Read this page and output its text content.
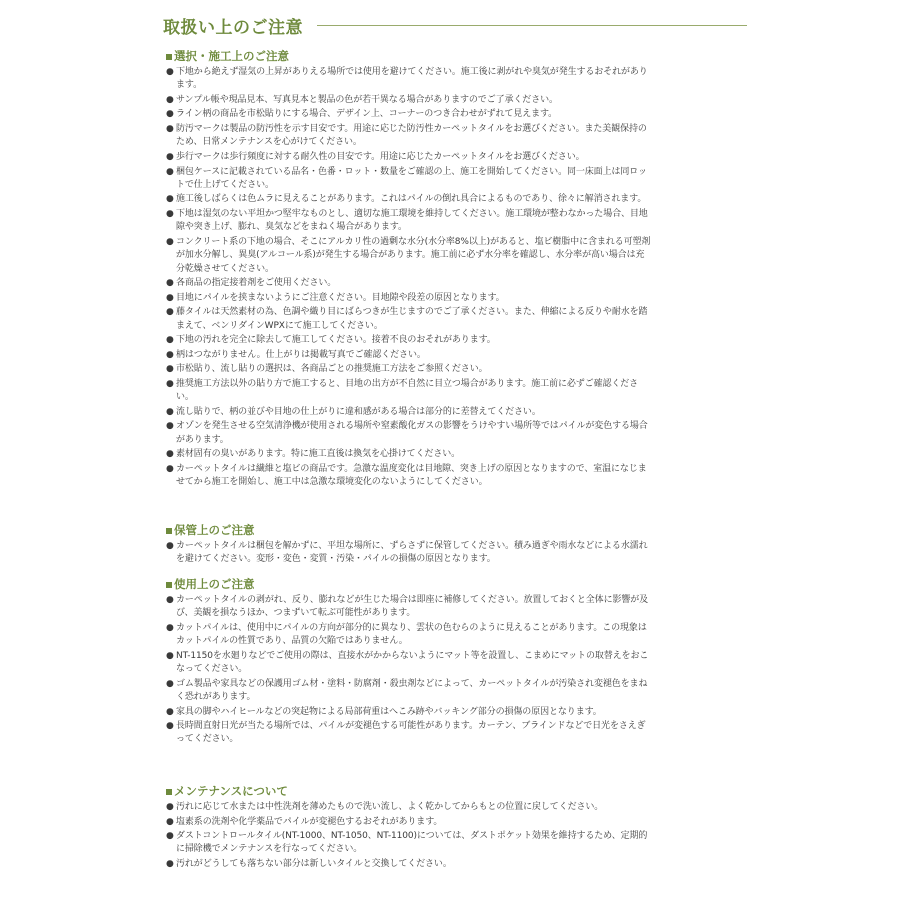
取扱い上のご注意
選択・施工上のご注意
● 下地から絶えず湿気の上昇がありえる場所では使用を避けてください。施工後に剥がれや臭気が発生するおそれがあります。
● サンプル帳や現品見本、写真見本と製品の色が若干異なる場合がありますのでご了承ください。
● ライン柄の商品を市松貼りにする場合、デザイン上、コーナーのつき合わせがずれて見えます。
● 防汚マークは製品の防汚性を示す目安です。用途に応じた防汚性カーペットタイルをお選びください。また美観保持のため、日常メンテナンスを心がけてください。
● 歩行マークは歩行頻度に対する耐久性の目安です。用途に応じたカーペットタイルをお選びください。
● 梱包ケースに記載されている品名・色番・ロット・数量をご確認の上、施工を開始してください。同一床面上は同ロットで仕上げてください。
● 施工後しばらくは色ムラに見えることがあります。これはパイルの倒れ具合によるものであり、徐々に解消されます。
● 下地は湿気のない平坦かつ堅牢なものとし、適切な施工環境を維持してください。施工環境が整わなかった場合、目地隙や突き上げ、膨れ、臭気などをまねく場合があります。
● コンクリート系の下地の場合、そこにアルカリ性の過剰な水分(水分率8%以上)があると、塩ビ樹脂中に含まれる可塑剤が加水分解し、異臭(アルコール系)が発生する場合があります。施工前に必ず水分率を確認し、水分率が高い場合は充分乾燥させてください。
● 各商品の指定接着剤をご使用ください。
● 目地にパイルを挟まないようにご注意ください。目地隙や段差の原因となります。
● 藤タイルは天然素材の為、色調や織り目にばらつきが生じますのでご了承ください。また、伸縮による反りや耐水を踏まえて、ベンリダインWPXにて施工してください。
● 下地の汚れを完全に除去して施工してください。接着不良のおそれがあります。
● 柄はつながりません。仕上がりは掲載写真でご確認ください。
● 市松貼り、流し貼りの選択は、各商品ごとの推奨施工方法をご参照ください。
● 推奨施工方法以外の貼り方で施工すると、目地の出方が不自然に目立つ場合があります。施工前に必ずご確認ください。
● 流し貼りで、柄の並びや目地の仕上がりに違和感がある場合は部分的に差替えてください。
● オゾンを発生させる空気清浄機が使用される場所や窒素酸化ガスの影響をうけやすい場所等ではパイルが変色する場合があります。
● 素材固有の臭いがあります。特に施工直後は換気を心掛けてください。
● カーペットタイルは繊維と塩ビの商品です。急激な温度変化は目地隙、突き上げの原因となりますので、室温になじませてから施工を開始し、施工中は急激な環境変化のないようにしてください。
保管上のご注意
● カーペットタイルは梱包を解かずに、平坦な場所に、ずらさずに保管してください。積み過ぎや雨水などによる水濡れを避けてください。変形・変色・変質・汚染・パイルの損傷の原因となります。
使用上のご注意
● カーペットタイルの剥がれ、反り、膨れなどが生じた場合は即座に補修してください。放置しておくと全体に影響が及び、美観を損なうほか、つまずいて転ぶ可能性があります。
● カットパイルは、使用中にパイルの方向が部分的に異なり、雲状の色むらのように見えることがあります。この現象はカットパイルの性質であり、品質の欠陥ではありません。
● NT-1150を水廻りなどでご使用の際は、直接水がかからないようにマット等を設置し、こまめにマットの取替えをおこなってください。
● ゴム製品や家具などの保護用ゴム材・塗料・防腐剤・殺虫剤などによって、カーペットタイルが汚染され変褪色をまねく恐れがあります。
● 家具の脚やハイヒールなどの突起物による局部荷重はへこみ跡やバッキング部分の損傷の原因となります。
● 長時間直射日光が当たる場所では、パイルが変褪色する可能性があります。カーテン、ブラインドなどで日光をさえぎってください。
メンテナンスについて
● 汚れに応じて水または中性洗剤を薄めたもので洗い流し、よく乾かしてからもとの位置に戻してください。
● 塩素系の洗剤や化学薬品でパイルが変褪色するおそれがあります。
● ダストコントロールタイル(NT-1000、NT-1050、NT-1100)については、ダストポケット効果を維持するため、定期的に掃除機でメンテナンスを行なってください。
● 汚れがどうしても落ちない部分は新しいタイルと交換してください。
